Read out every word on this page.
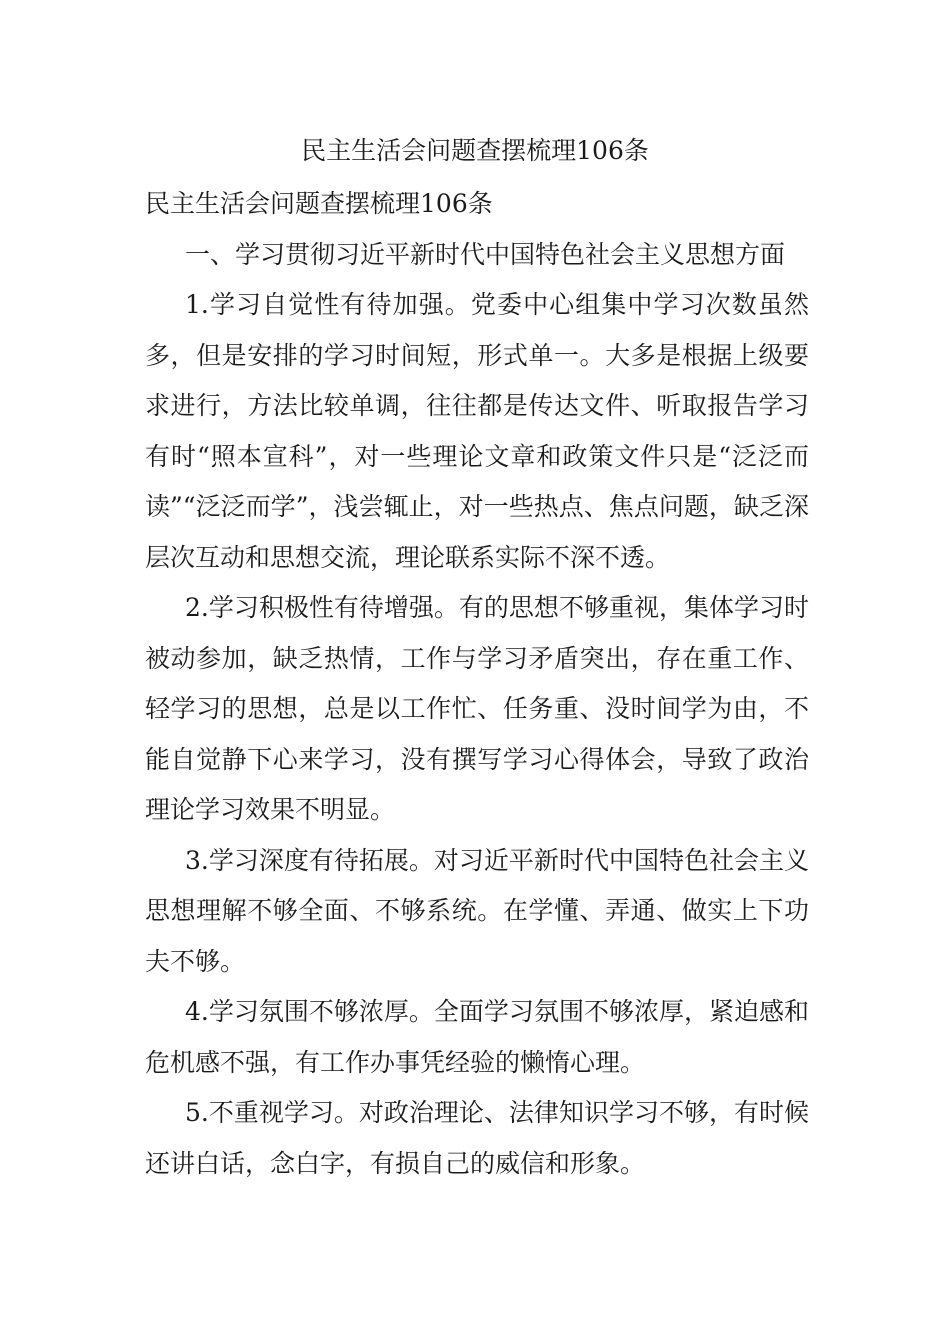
民主生活会问题查摆梳理106条

民主生活会问题查摆梳理106条

一、学习贯彻习近平新时代中国特色社会主义思想方面

1.学习自觉性有待加强。党委中心组集中学习次数虽然多，但是安排的学习时间短，形式单一。大多是根据上级要求进行，方法比较单调，往往都是传达文件、听取报告学习有时“照本宣科”，对一些理论文章和政策文件只是“泛泛而读”“泛泛而学”，浅尝辄止，对一些热点、焦点问题，缺乏深层次互动和思想交流，理论联系实际不深不透。

2.学习积极性有待增强。有的思想不够重视，集体学习时被动参加，缺乏热情，工作与学习矛盾突出，存在重工作、轻学习的思想，总是以工作忙、任务重、没时间学为由，不能自觉静下心来学习，没有撰写学习心得体会，导致了政治理论学习效果不明显。

3.学习深度有待拓展。对习近平新时代中国特色社会主义思想理解不够全面、不够系统。在学懂、弄通、做实上下功夫不够。

4.学习氛围不够浓厚。全面学习氛围不够浓厚，紧迫感和危机感不强，有工作办事凭经验的懒惰心理。

5.不重视学习。对政治理论、法律知识学习不够，有时候还讲白话，念白字，有损自己的威信和形象。
